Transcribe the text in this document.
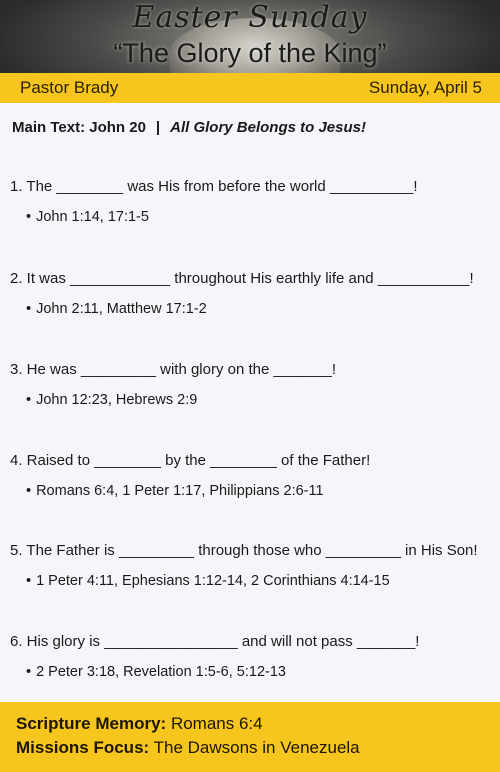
Easter Sunday
“The Glory of the King”
Pastor Brady	Sunday, April 5
Main Text: John 20 | All Glory Belongs to Jesus!
1. The ________ was His from before the world __________!
• John 1:14, 17:1-5
2. It was ____________ throughout His earthly life and ___________!
• John 2:11, Matthew 17:1-2
3. He was _________ with glory on the _______!
• John 12:23, Hebrews 2:9
4. Raised to ________ by the ________ of the Father!
• Romans 6:4, 1 Peter 1:17, Philippians 2:6-11
5. The Father is _________ through those who _________ in His Son!
• 1 Peter 4:11, Ephesians 1:12-14, 2 Corinthians 4:14-15
6. His glory is ________________ and will not pass _______!
• 2 Peter 3:18, Revelation 1:5-6, 5:12-13
Scripture Memory: Romans 6:4
Missions Focus: The Dawsons in Venezuela
